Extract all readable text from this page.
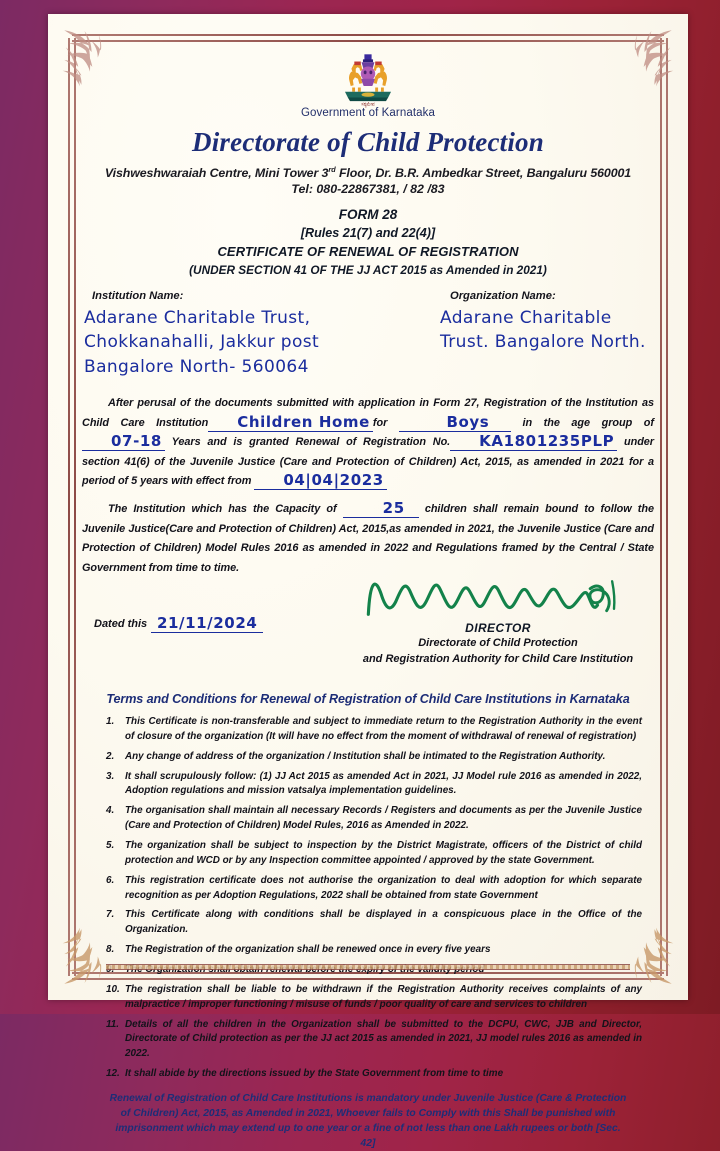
ಸತ್ಯಮೇವ
Government of Karnataka
Directorate of Child Protection
Vishweshwaraiah Centre, Mini Tower 3rd Floor, Dr. B.R. Ambedkar Street, Bangaluru 560001
Tel: 080-22867381, / 82 /83
FORM 28
[Rules 21(7) and 22(4)]
CERTIFICATE OF RENEWAL OF REGISTRATION
(UNDER SECTION 41 OF THE JJ ACT 2015 as Amended in 2021)
Institution Name:
Adarane Charitable Trust,
Chokkanahalli, Jakkur post
Bangalore North- 560064
Organization Name:
Adarane Charitable
Trust. Bangalore North.
After perusal of the documents submitted with application in Form 27, Registration of the Institution as Child Care Institution Children Home for	Boys	in the age group of 07-18 Years and is granted Renewal of Registration No. KA1801235PLP under section 41(6) of the Juvenile Justice (Care and Protection of Children) Act, 2015, as amended in 2021 for a period of 5 years with effect from 04|04|2023
The Institution which has the Capacity of	25 children shall remain bound to follow the Juvenile Justice(Care and Protection of Children) Act, 2015,as amended in 2021, the Juvenile Justice (Care and Protection of Children) Model Rules 2016 as amended in 2022 and Regulations framed by the Central / State Government from time to time.
Dated this 21/11/2024	DIRECTOR
Directorate of Child Protection
and Registration Authority for Child Care Institution
Terms and Conditions for Renewal of Registration of Child Care Institutions in Karnataka
This Certificate is non-transferable and subject to immediate return to the Registration Authority in the event of closure of the organization (It will have no effect from the moment of withdrawal of renewal of registration)
Any change of address of the organization / Institution shall be intimated to the Registration Authority.
It shall scrupulously follow: (1) JJ Act 2015 as amended Act in 2021, JJ Model rule 2016 as amended in 2022, Adoption regulations and mission vatsalya implementation guidelines.
The organisation shall maintain all necessary Records / Registers and documents as per the Juvenile Justice (Care and Protection of Children) Model Rules, 2016 as Amended in 2022.
The organization shall be subject to inspection by the District Magistrate, officers of the District of child protection and WCD or by any Inspection committee appointed / approved by the state Government.
This registration certificate does not authorise the organization to deal with adoption for which separate recognition as per Adoption Regulations, 2022 shall be obtained from state Government
This Certificate along with conditions shall be displayed in a conspicuous place in the Office of the Organization.
The Registration of the organization shall be renewed once in every five years
The registration shall be liable to be withdrawn if the Registration Authority receives complaints of any malpractice / improper functioning / misuse of funds / poor quality of care and services to children
Details of all the children in the Organization shall be submitted to the DCPU, CWC, JJB and Director, Directorate of Child protection as per the JJ act 2015 as amended in 2021, JJ model rules 2016 as amended in 2022.
It shall abide by the directions issued by the State Government from time to time
Renewal of Registration of Child Care Institutions is mandatory under Juvenile Justice (Care & Protection of Children) Act, 2015, as Amended in 2021, Whoever fails to Comply with this Shall be punished with imprisonment which may extend up to one year or a fine of not less than one Lakh rupees or both [Sec. 42]
